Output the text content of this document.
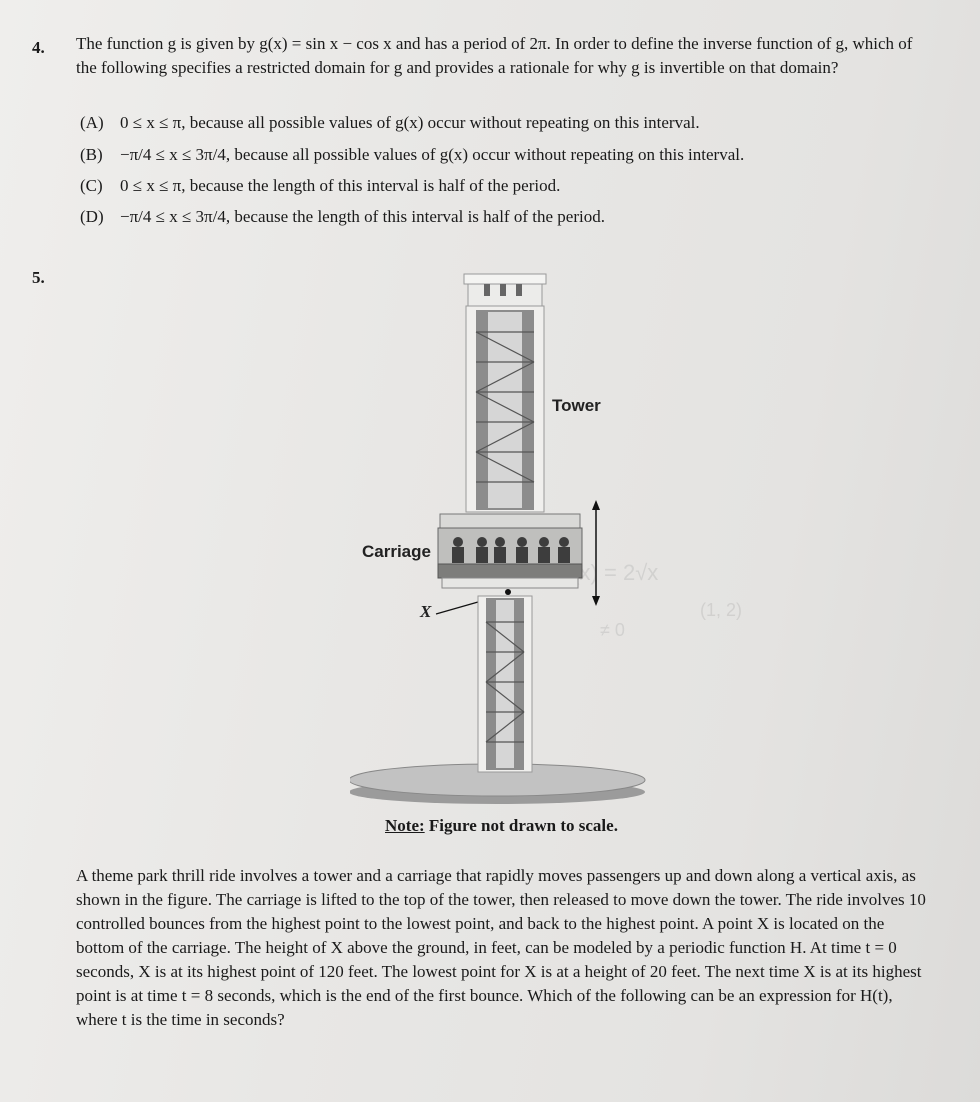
ƒ(x) = 2√x
(1, 2)
≠ 0
4. The function g is given by g(x) = sin x − cos x and has a period of 2π. In order to define the inverse function of g, which of the following specifies a restricted domain for g and provides a rationale for why g is invertible on that domain?
(A) 0 ≤ x ≤ π, because all possible values of g(x) occur without repeating on this interval.
(B) −π/4 ≤ x ≤ 3π/4, because all possible values of g(x) occur without repeating on this interval.
(C) 0 ≤ x ≤ π, because the length of this interval is half of the period.
(D) −π/4 ≤ x ≤ 3π/4, because the length of this interval is half of the period.
5.
Tower
Carriage
X
Note: Figure not drawn to scale.
A theme park thrill ride involves a tower and a carriage that rapidly moves passengers up and down along a vertical axis, as shown in the figure. The carriage is lifted to the top of the tower, then released to move down the tower. The ride involves 10 controlled bounces from the highest point to the lowest point, and back to the highest point. A point X is located on the bottom of the carriage. The height of X above the ground, in feet, can be modeled by a periodic function H. At time t = 0 seconds, X is at its highest point of 120 feet. The lowest point for X is at a height of 20 feet. The next time X is at its highest point is at time t = 8 seconds, which is the end of the first bounce. Which of the following can be an expression for H(t), where t is the time in seconds?
